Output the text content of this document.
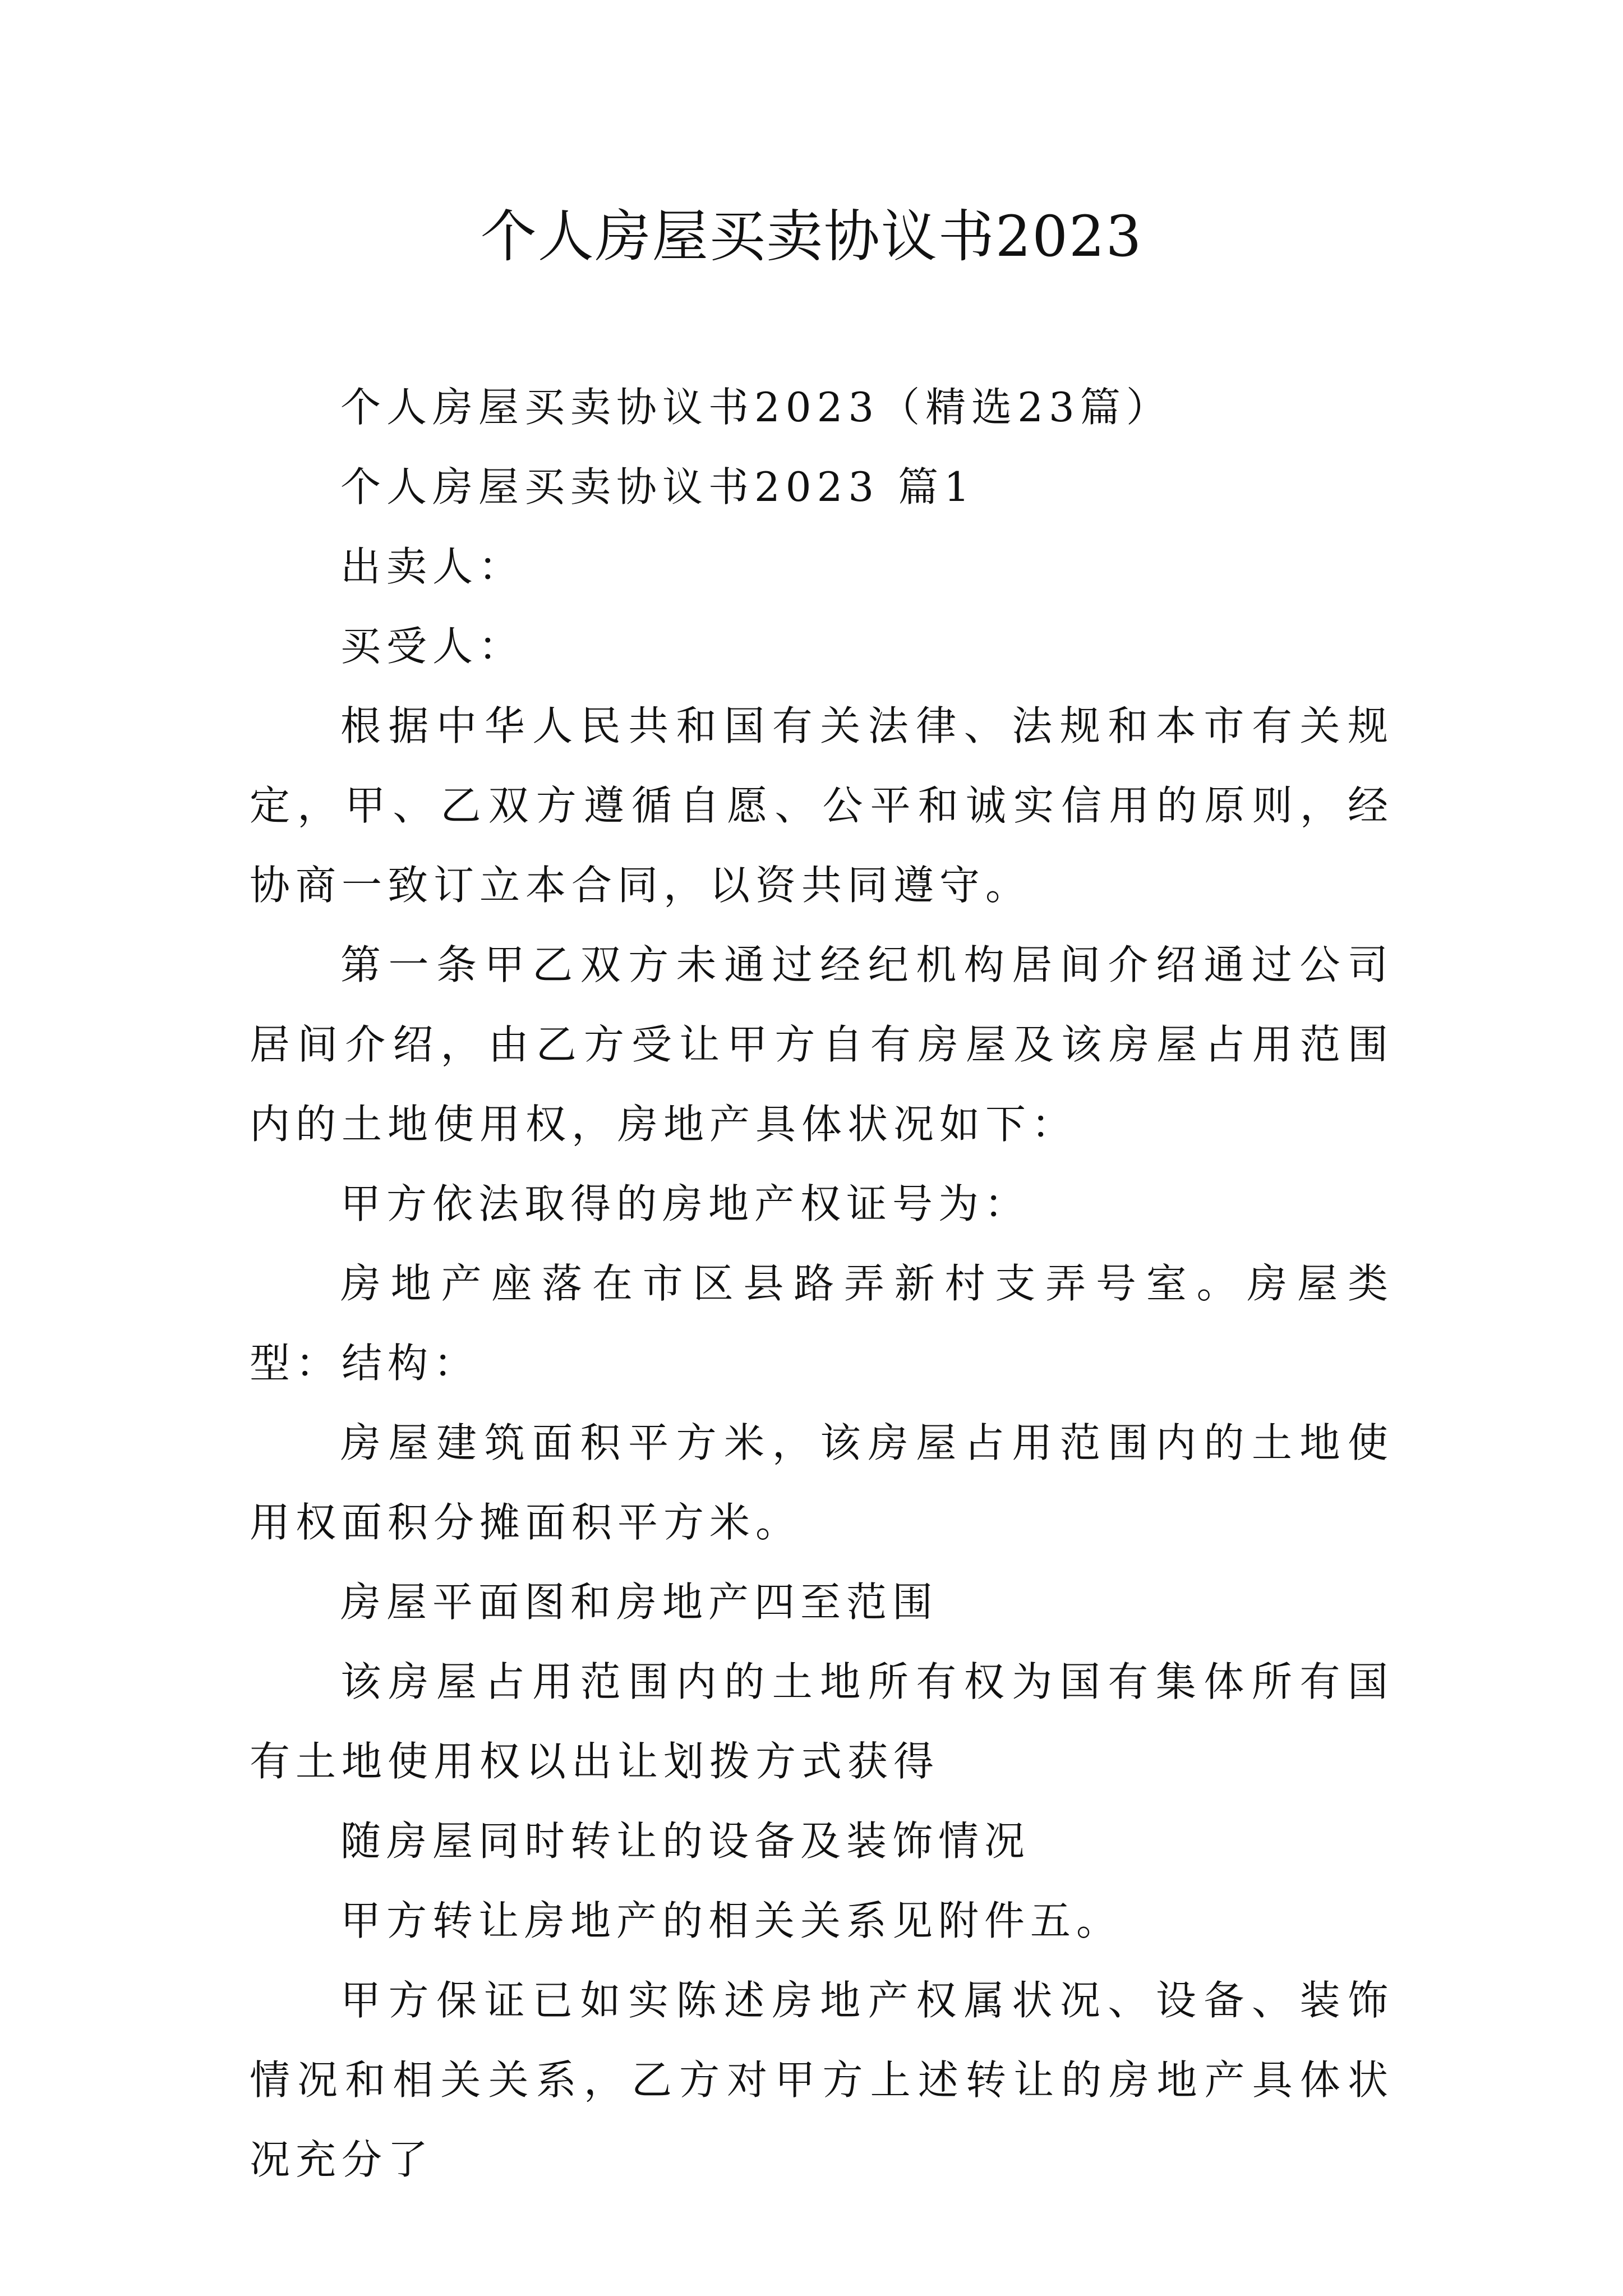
个人房屋买卖协议书2023

个人房屋买卖协议书2023（精选23篇）

个人房屋买卖协议书2023 篇1

出卖人：

买受人：

根据中华人民共和国有关法律、法规和本市有关规定，甲、乙双方遵循自愿、公平和诚实信用的原则，经协商一致订立本合同，以资共同遵守。

第一条甲乙双方未通过经纪机构居间介绍通过公司居间介绍，由乙方受让甲方自有房屋及该房屋占用范围内的土地使用权，房地产具体状况如下：

甲方依法取得的房地产权证号为：

房地产座落在市区县路弄新村支弄号室。房屋类型：结构：

房屋建筑面积平方米，该房屋占用范围内的土地使用权面积分摊面积平方米。

房屋平面图和房地产四至范围

该房屋占用范围内的土地所有权为国有集体所有国有土地使用权以出让划拨方式获得

随房屋同时转让的设备及装饰情况

甲方转让房地产的相关关系见附件五。

甲方保证已如实陈述房地产权属状况、设备、装饰情况和相关关系，乙方对甲方上述转让的房地产具体状况充分了
